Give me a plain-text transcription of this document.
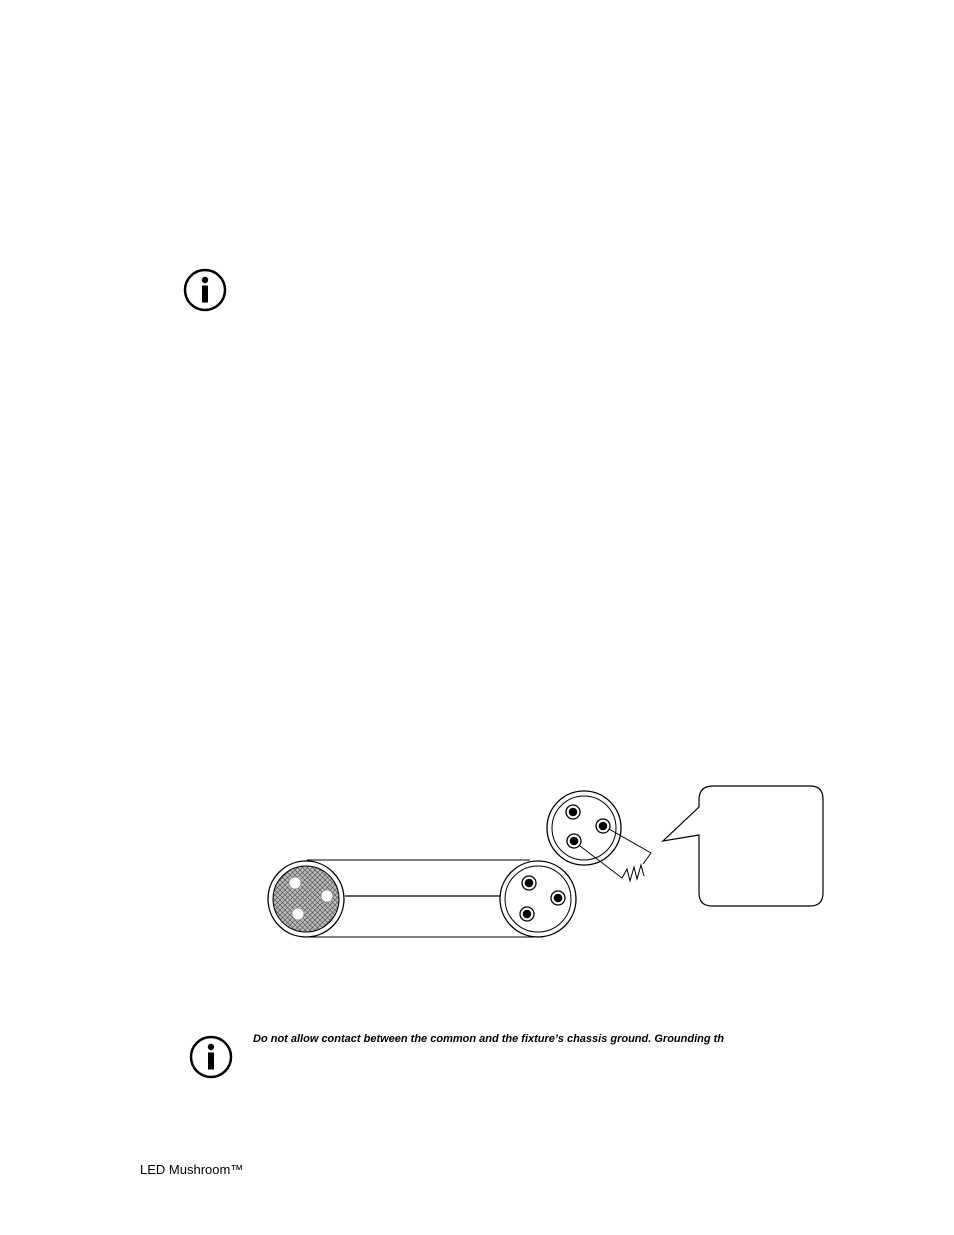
Do not allow contact between the common and the fixture’s chassis ground. Grounding th
LED Mushroom™
